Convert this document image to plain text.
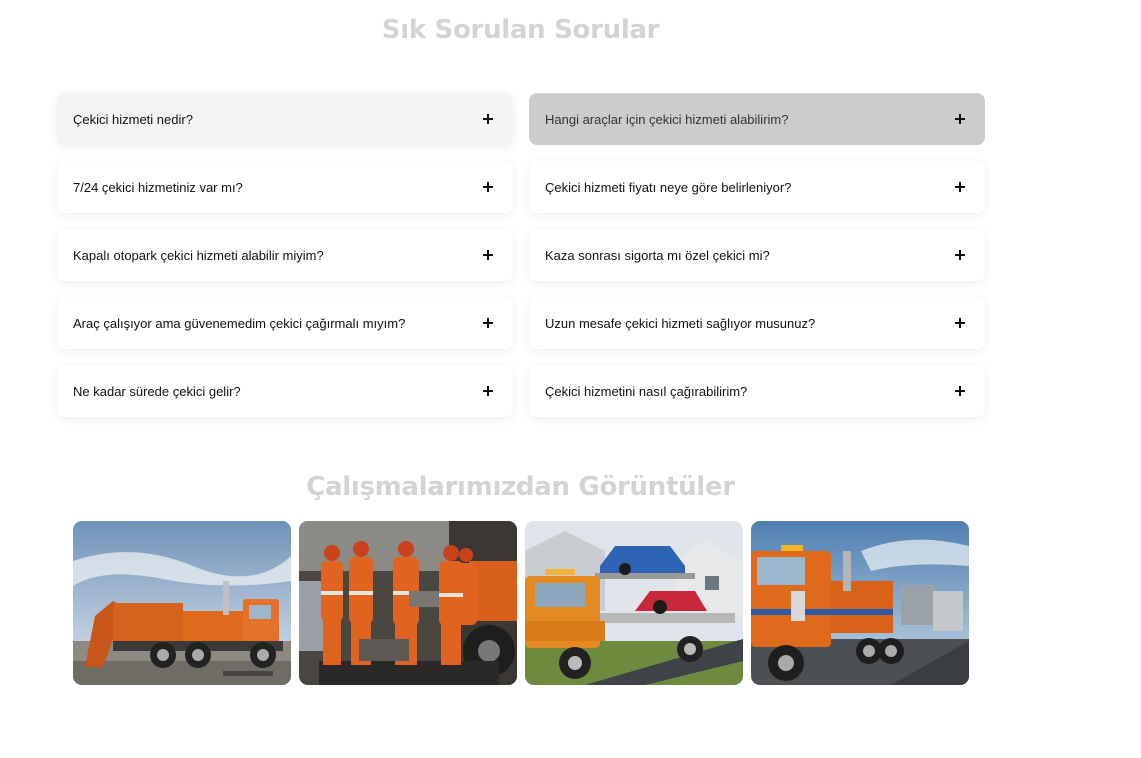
Sık Sorulan Sorular
Çekici hizmeti nedir?	Hangi araçlar için çekici hizmeti alabilirim?
7/24 çekici hizmetiniz var mı?	Çekici hizmeti fiyatı neye göre belirleniyor?
Kapalı otopark çekici hizmeti alabilir miyim?	Kaza sonrası sigorta mı özel çekici mi?
Araç çalışıyor ama güvenemedim çekici çağırmalı mıyım?	Uzun mesafe çekici hizmeti sağlıyor musunuz?
Ne kadar sürede çekici gelir?	Çekici hizmetini nasıl çağırabilirim?
Çalışmalarımızdan Görüntüler
